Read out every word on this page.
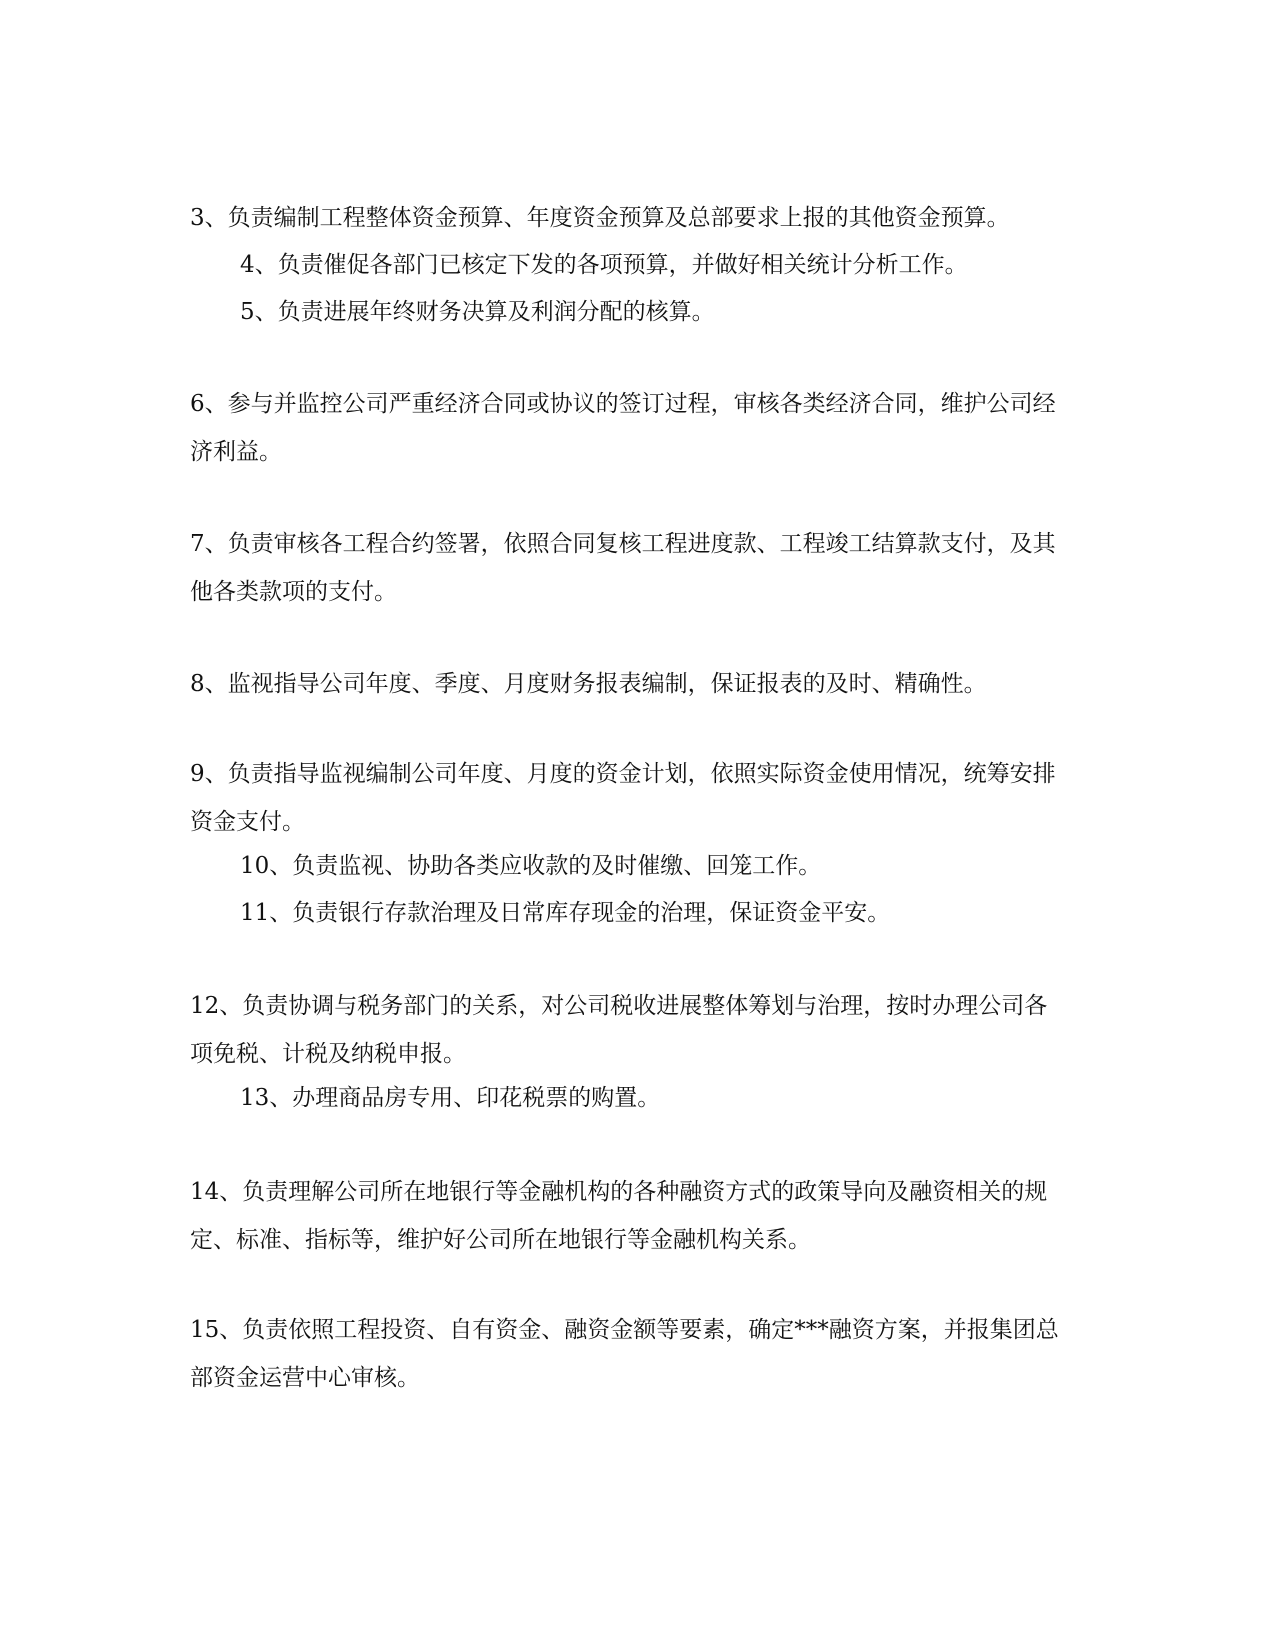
3、负责编制工程整体资金预算、年度资金预算及总部要求上报的其他资金预算。

4、负责催促各部门已核定下发的各项预算，并做好相关统计分析工作。

5、负责进展年终财务决算及利润分配的核算。

6、参与并监控公司严重经济合同或协议的签订过程，审核各类经济合同，维护公司经济利益。

7、负责审核各工程合约签署，依照合同复核工程进度款、工程竣工结算款支付，及其他各类款项的支付。

8、监视指导公司年度、季度、月度财务报表编制，保证报表的及时、精确性。

9、负责指导监视编制公司年度、月度的资金计划，依照实际资金使用情况，统筹安排资金支付。

10、负责监视、协助各类应收款的及时催缴、回笼工作。

11、负责银行存款治理及日常库存现金的治理，保证资金平安。

12、负责协调与税务部门的关系，对公司税收进展整体筹划与治理，按时办理公司各项免税、计税及纳税申报。

13、办理商品房专用、印花税票的购置。

14、负责理解公司所在地银行等金融机构的各种融资方式的政策导向及融资相关的规定、标准、指标等，维护好公司所在地银行等金融机构关系。

15、负责依照工程投资、自有资金、融资金额等要素，确定***融资方案，并报集团总部资金运营中心审核。
